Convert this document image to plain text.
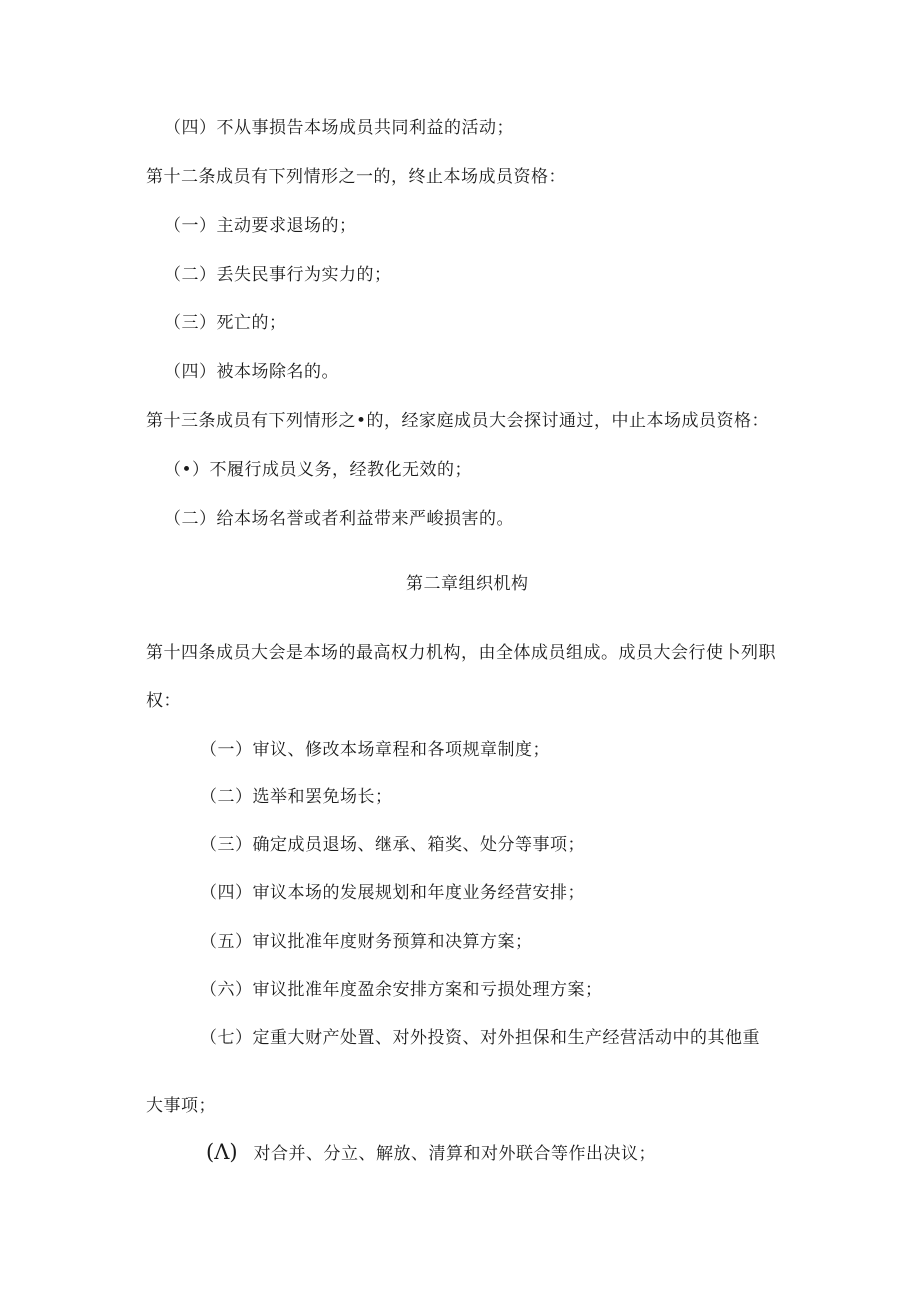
（四）不从事损告本场成员共同利益的活动；
第十二条成员有下列情形之一的，终止本场成员资格：
（一）主动要求退场的；
（二）丢失民事行为实力的；
（三）死亡的；
（四）被本场除名的。
第十三条成员有下列情形之•的，经家庭成员大会探讨通过，中止本场成员资格：
（•）不履行成员义务，经教化无效的；
（二）给本场名誉或者利益带来严峻损害的。
第二章组织机构
第十四条成员大会是本场的最高权力机构，由全体成员组成。成员大会行使卜列职
权：
（一）审议、修改本场章程和各项规章制度；
（二）选举和罢免场长；
（三）确定成员退场、继承、箱奖、处分等事项；
（四）审议本场的发展规划和年度业务经营安排；
（五）审议批准年度财务预算和决算方案；
（六）审议批准年度盈余安排方案和亏损处理方案；
（七）定重大财产处置、对外投资、对外担保和生产经营活动中的其他重
大事项；
(Λ) 对合并、分立、解放、清算和对外联合等作出决议；
